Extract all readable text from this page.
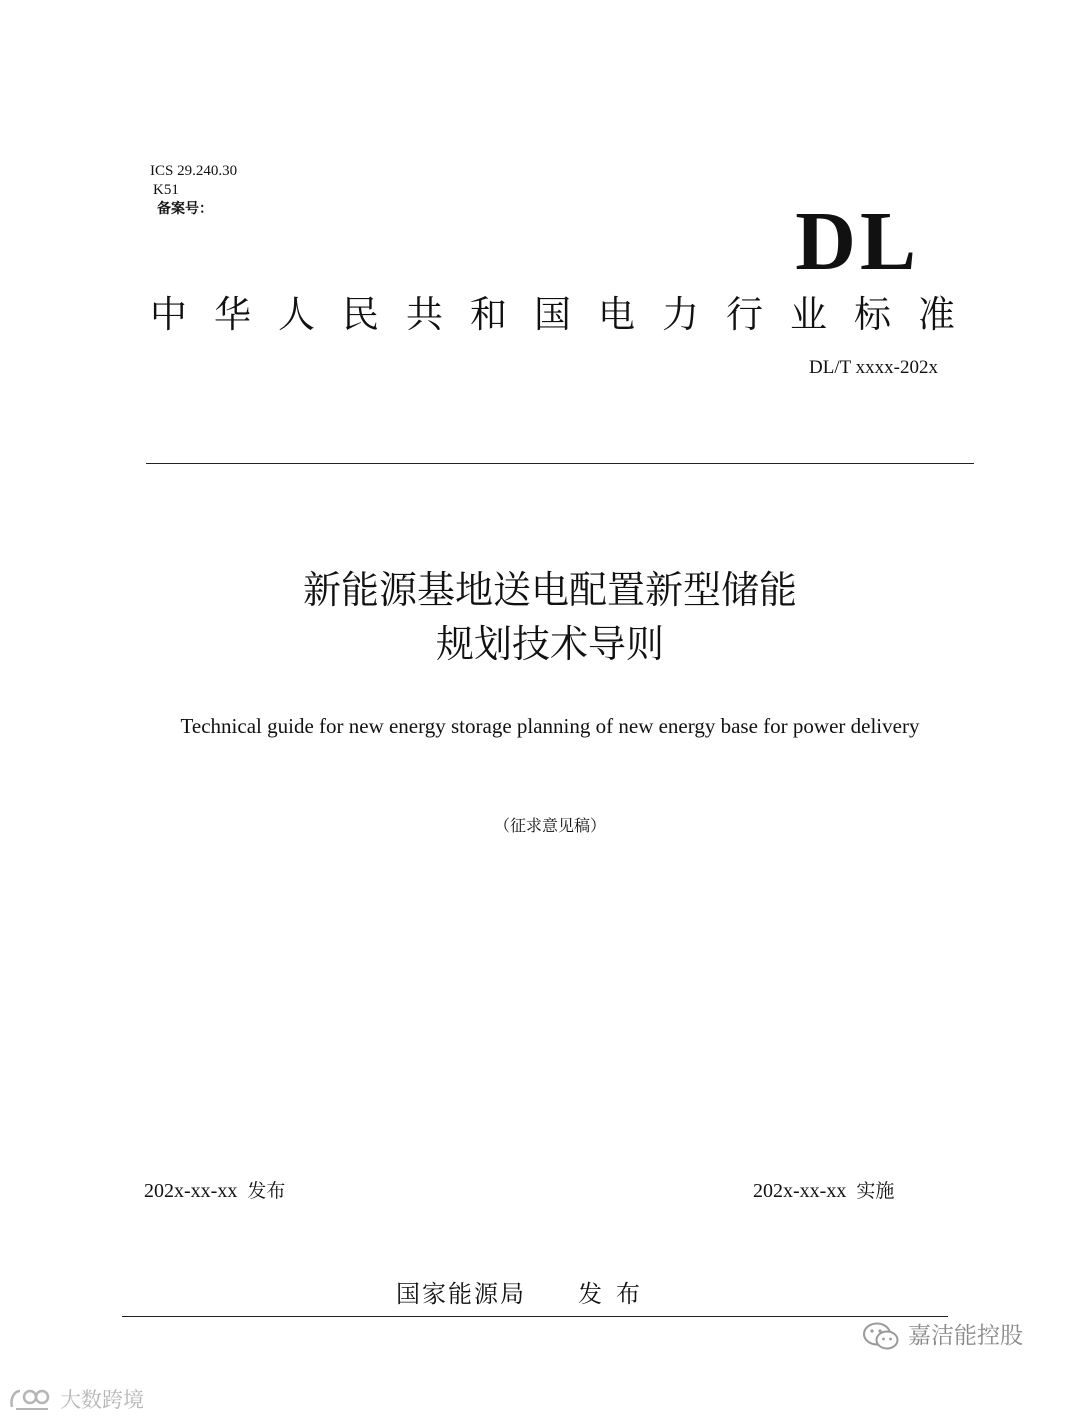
ICS 29.240.30
K51
备案号：	DL
中华人民共和国电力行业标准
DL/T xxxx-202x
新能源基地送电配置新型储能
规划技术导则
Technical guide for new energy storage planning of new energy base for power delivery
（征求意见稿）
202x-xx-xx 发布	202x-xx-xx 实施
国家能源局 发布
嘉洁能控股
大数跨境
